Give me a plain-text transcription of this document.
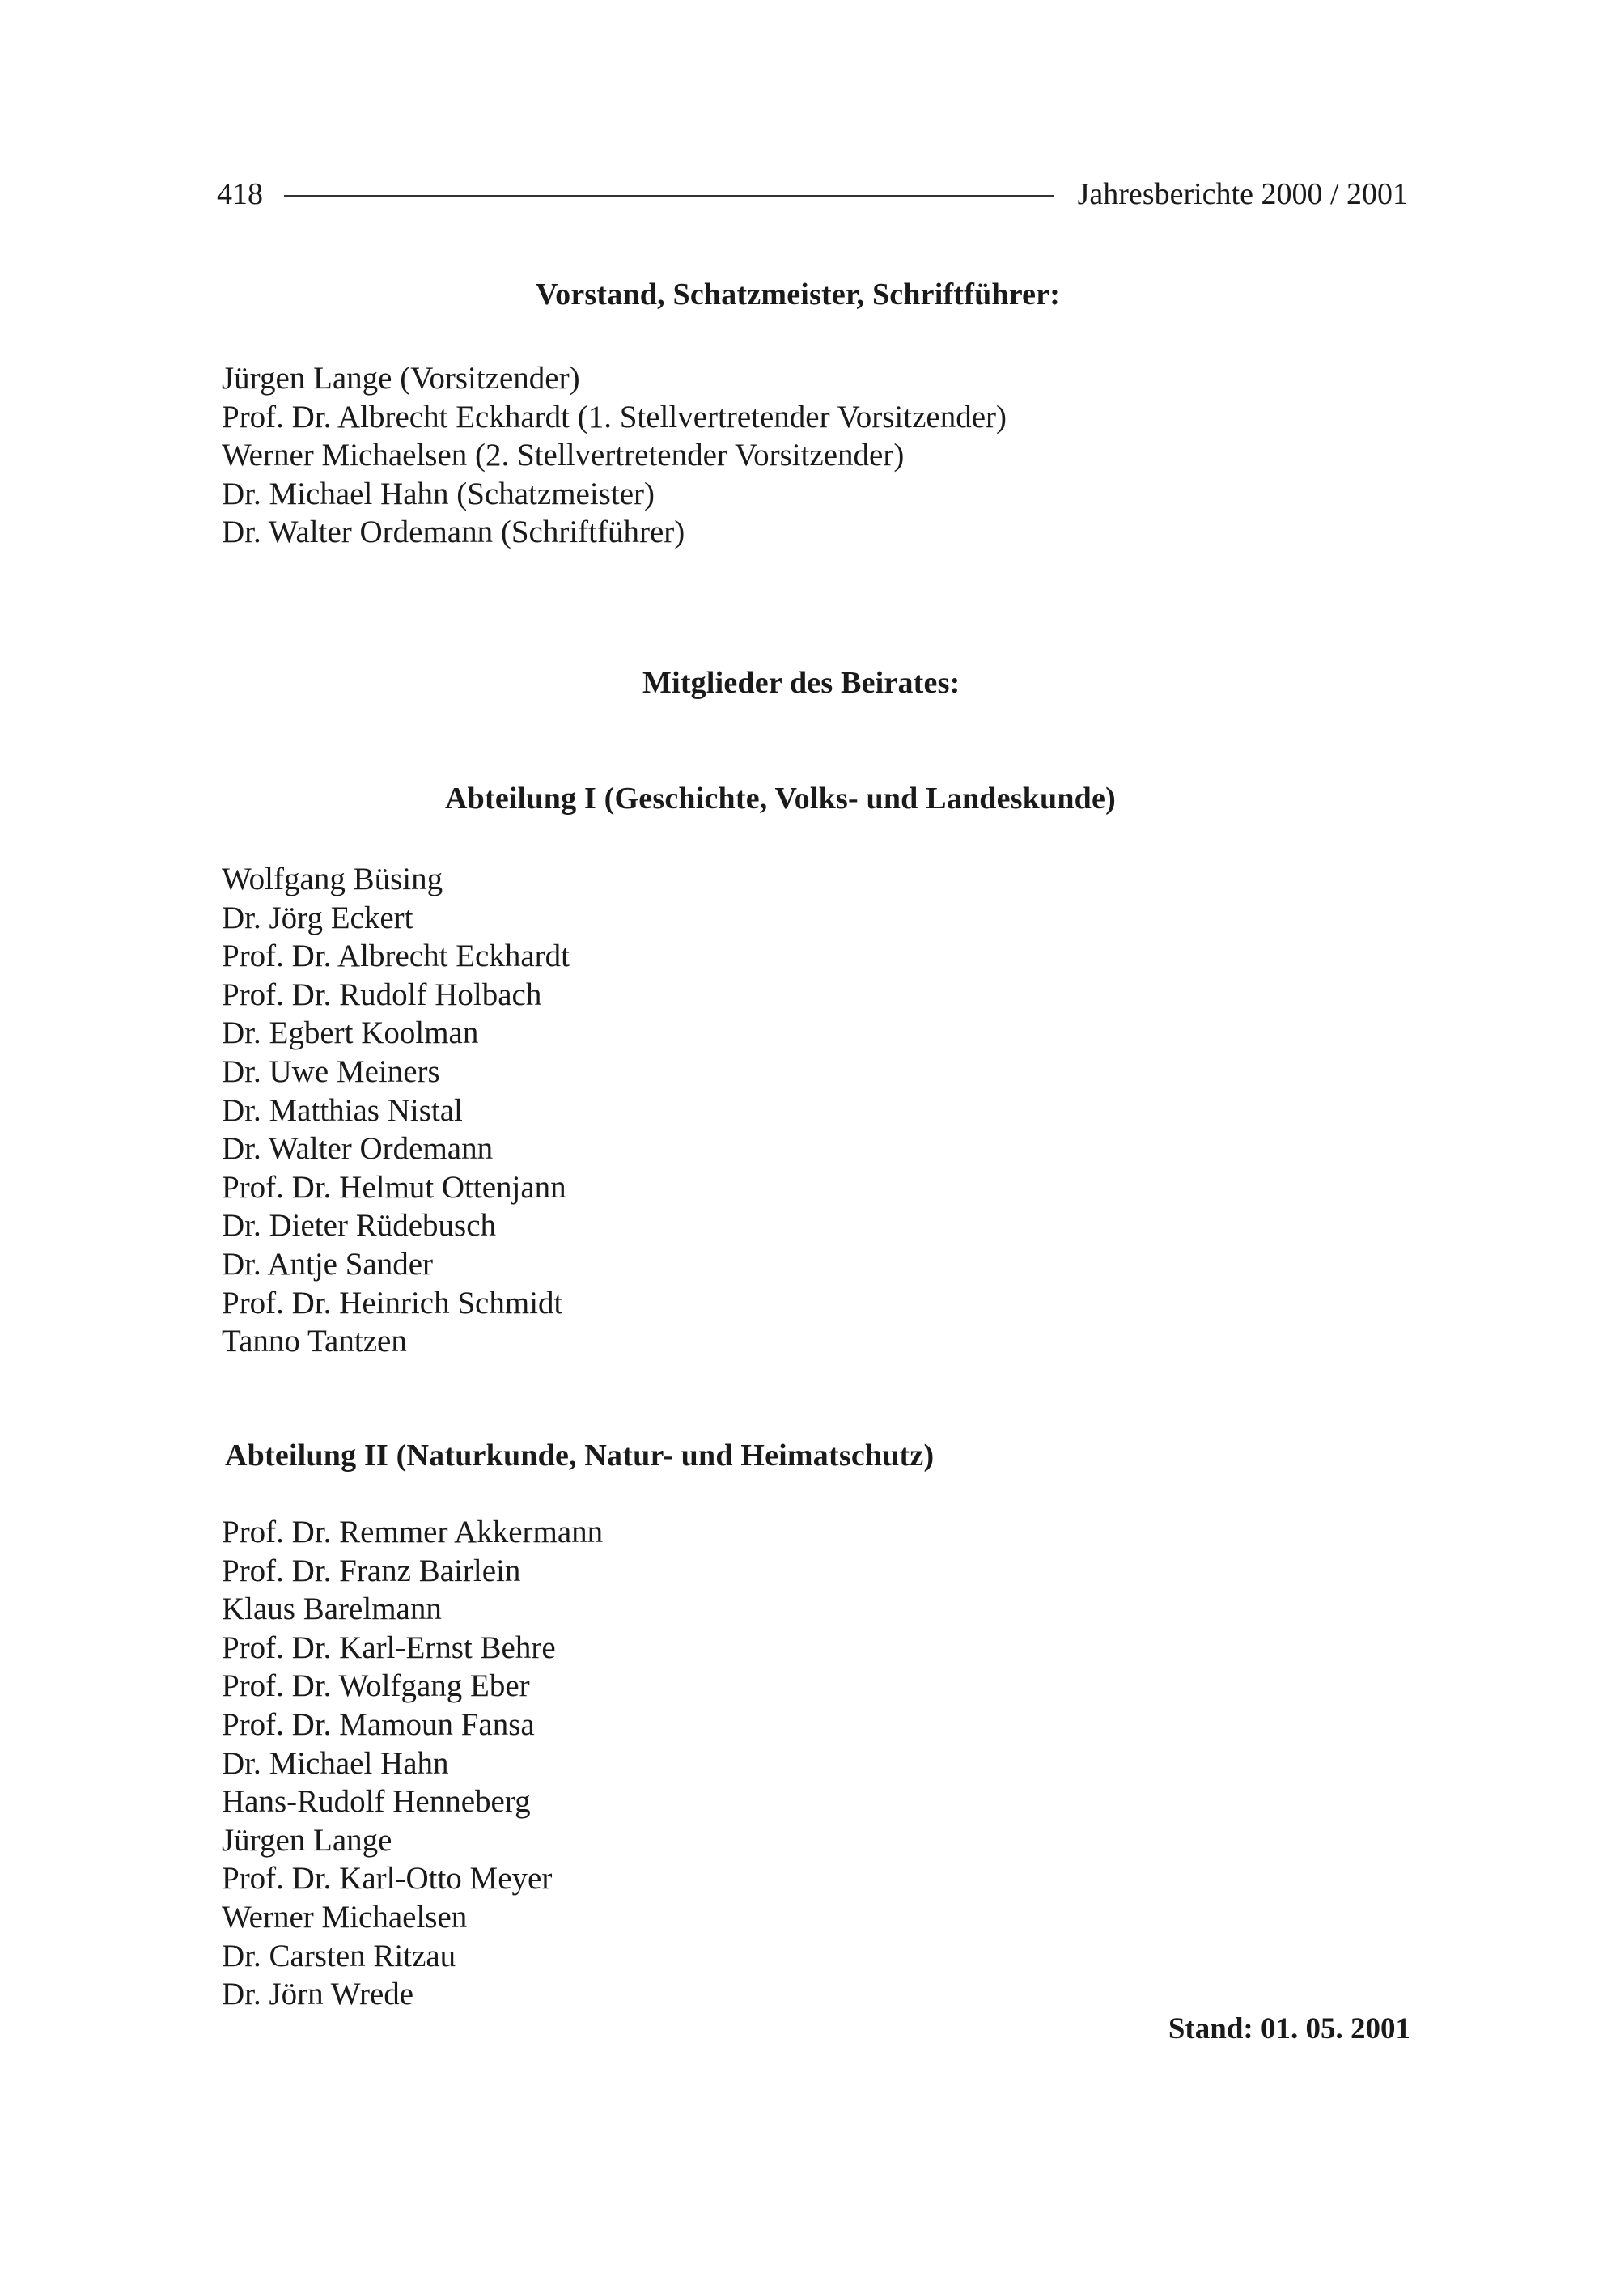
418	Jahresberichte 2000 / 2001
Vorstand, Schatzmeister, Schriftführer:
Jürgen Lange (Vorsitzender)
Prof. Dr. Albrecht Eckhardt (1. Stellvertretender Vorsitzender)
Werner Michaelsen (2. Stellvertretender Vorsitzender)
Dr. Michael Hahn (Schatzmeister)
Dr. Walter Ordemann (Schriftführer)
Mitglieder des Beirates:
Abteilung I (Geschichte, Volks- und Landeskunde)
Wolfgang Büsing
Dr. Jörg Eckert
Prof. Dr. Albrecht Eckhardt
Prof. Dr. Rudolf Holbach
Dr. Egbert Koolman
Dr. Uwe Meiners
Dr. Matthias Nistal
Dr. Walter Ordemann
Prof. Dr. Helmut Ottenjann
Dr. Dieter Rüdebusch
Dr. Antje Sander
Prof. Dr. Heinrich Schmidt
Tanno Tantzen
Abteilung II (Naturkunde, Natur- und Heimatschutz)
Prof. Dr. Remmer Akkermann
Prof. Dr. Franz Bairlein
Klaus Barelmann
Prof. Dr. Karl-Ernst Behre
Prof. Dr. Wolfgang Eber
Prof. Dr. Mamoun Fansa
Dr. Michael Hahn
Hans-Rudolf Henneberg
Jürgen Lange
Prof. Dr. Karl-Otto Meyer
Werner Michaelsen
Dr. Carsten Ritzau
Dr. Jörn Wrede
Stand: 01. 05. 2001
